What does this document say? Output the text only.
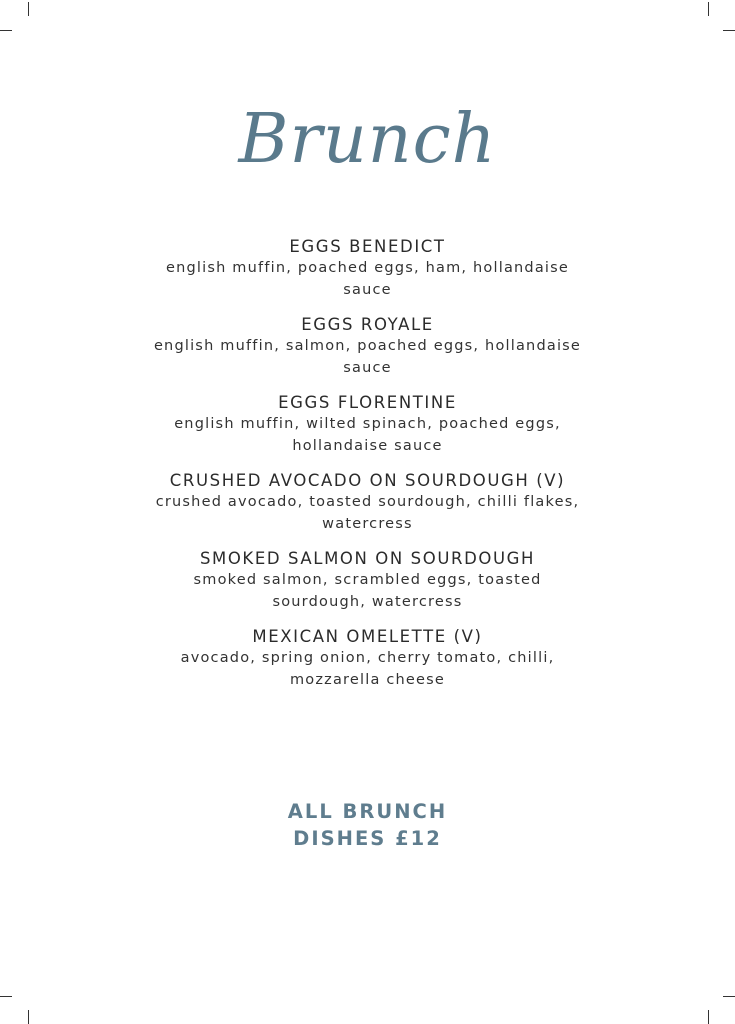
Brunch
EGGS BENEDICT
english muffin, poached eggs, ham, hollandaise
sauce
EGGS ROYALE
english muffin, salmon, poached eggs, hollandaise
sauce
EGGS FLORENTINE
english muffin, wilted spinach, poached eggs,
hollandaise sauce
CRUSHED AVOCADO ON SOURDOUGH (V)
crushed avocado, toasted sourdough, chilli flakes,
watercress
SMOKED SALMON ON SOURDOUGH
smoked salmon, scrambled eggs, toasted
sourdough, watercress
MEXICAN OMELETTE (V)
avocado, spring onion, cherry tomato, chilli,
mozzarella cheese
ALL BRUNCH
DISHES £12
